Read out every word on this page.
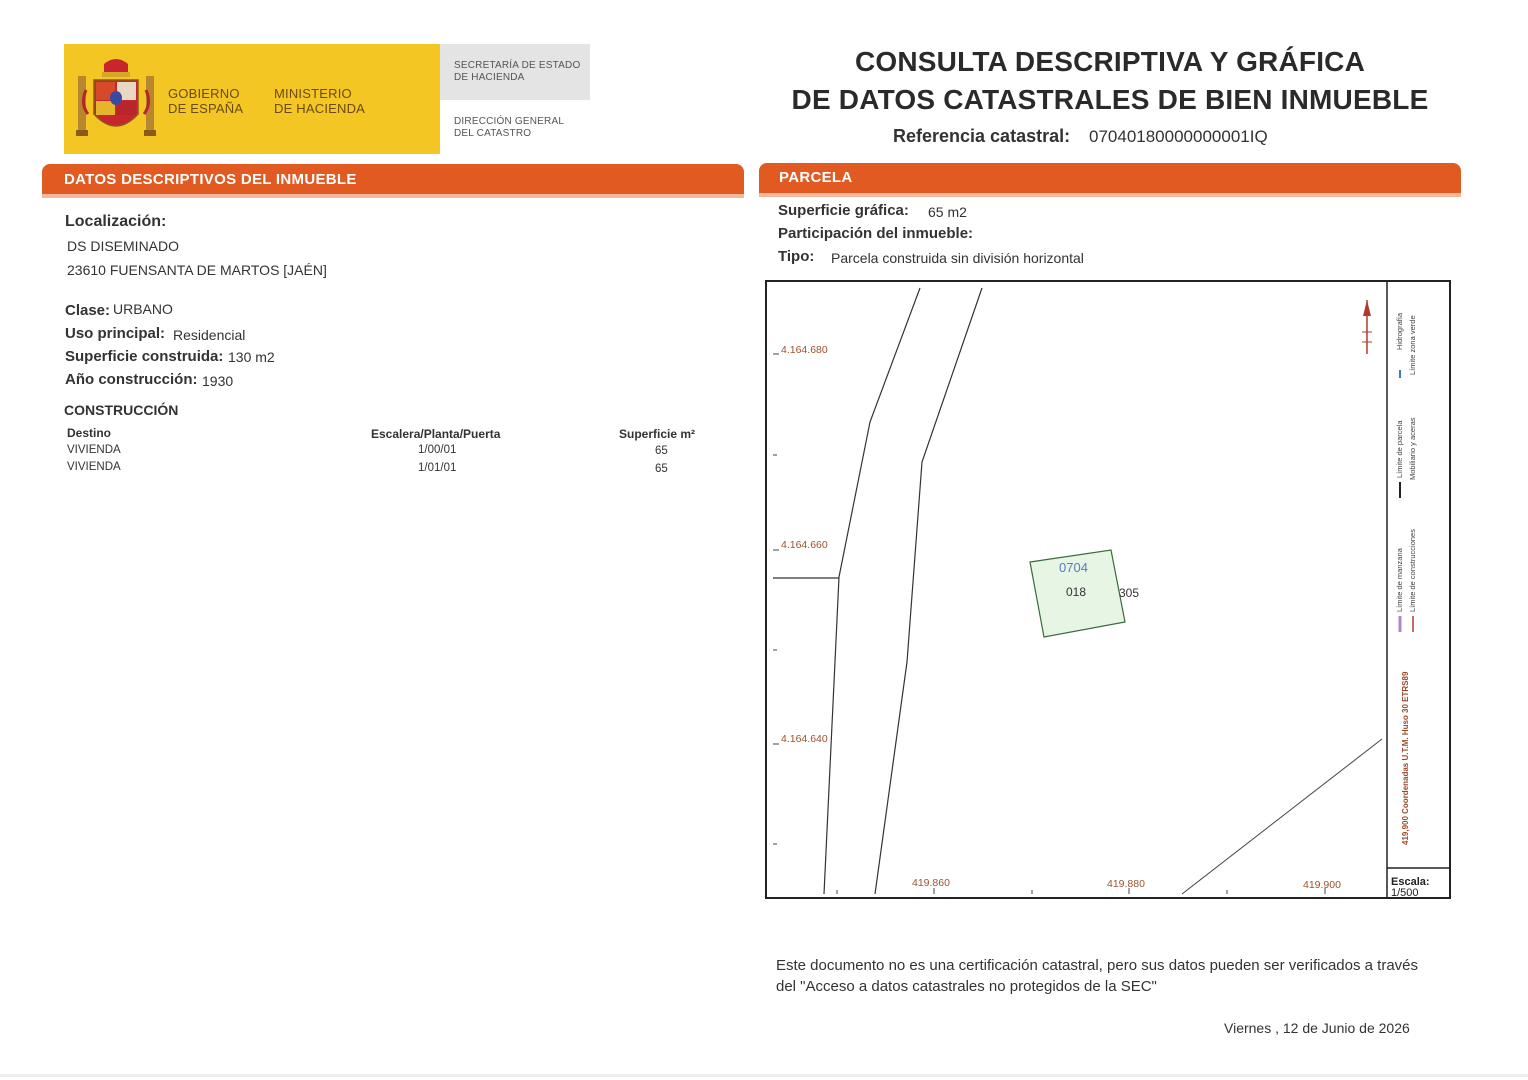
GOBIERNO
DE ESPAÑA
MINISTERIO
DE HACIENDA
SECRETARÍA DE ESTADO
DE HACIENDA
DIRECCIÓN GENERAL
DEL CATASTRO
CONSULTA DESCRIPTIVA Y GRÁFICA
DE DATOS CATASTRALES DE BIEN INMUEBLE
Referencia catastral: 07040180000000001IQ
DATOS DESCRIPTIVOS DEL INMUEBLE
Localización:
DS DISEMINADO
23610 FUENSANTA DE MARTOS [JAÉN]
Clase: URBANO
Uso principal: Residencial
Superficie construida: 130 m2
Año construcción: 1930
CONSTRUCCIÓN
Destino	Escalera/Planta/Puerta	Superficie m²
VIVIENDA	1/00/01	65
VIVIENDA	1/01/01	65
PARCELA
Superficie gráfica: 65 m2
Participación del inmueble:
Tipo: Parcela construida sin división horizontal
4.164.680
4.164.660
4.164.640
419.860	419.880	419.900
0704
018	305
Hidrografía Límite zona verde
Límite de parcela Mobiliario y aceras
Límite de manzana Límite de construcciones
419,900 Coordenadas U.T.M. Huso 30 ETRS89
Escala:
1/500
Este documento no es una certificación catastral, pero sus datos pueden ser verificados a través del "Acceso a datos catastrales no protegidos de la SEC"
Viernes , 12 de Junio de 2026
